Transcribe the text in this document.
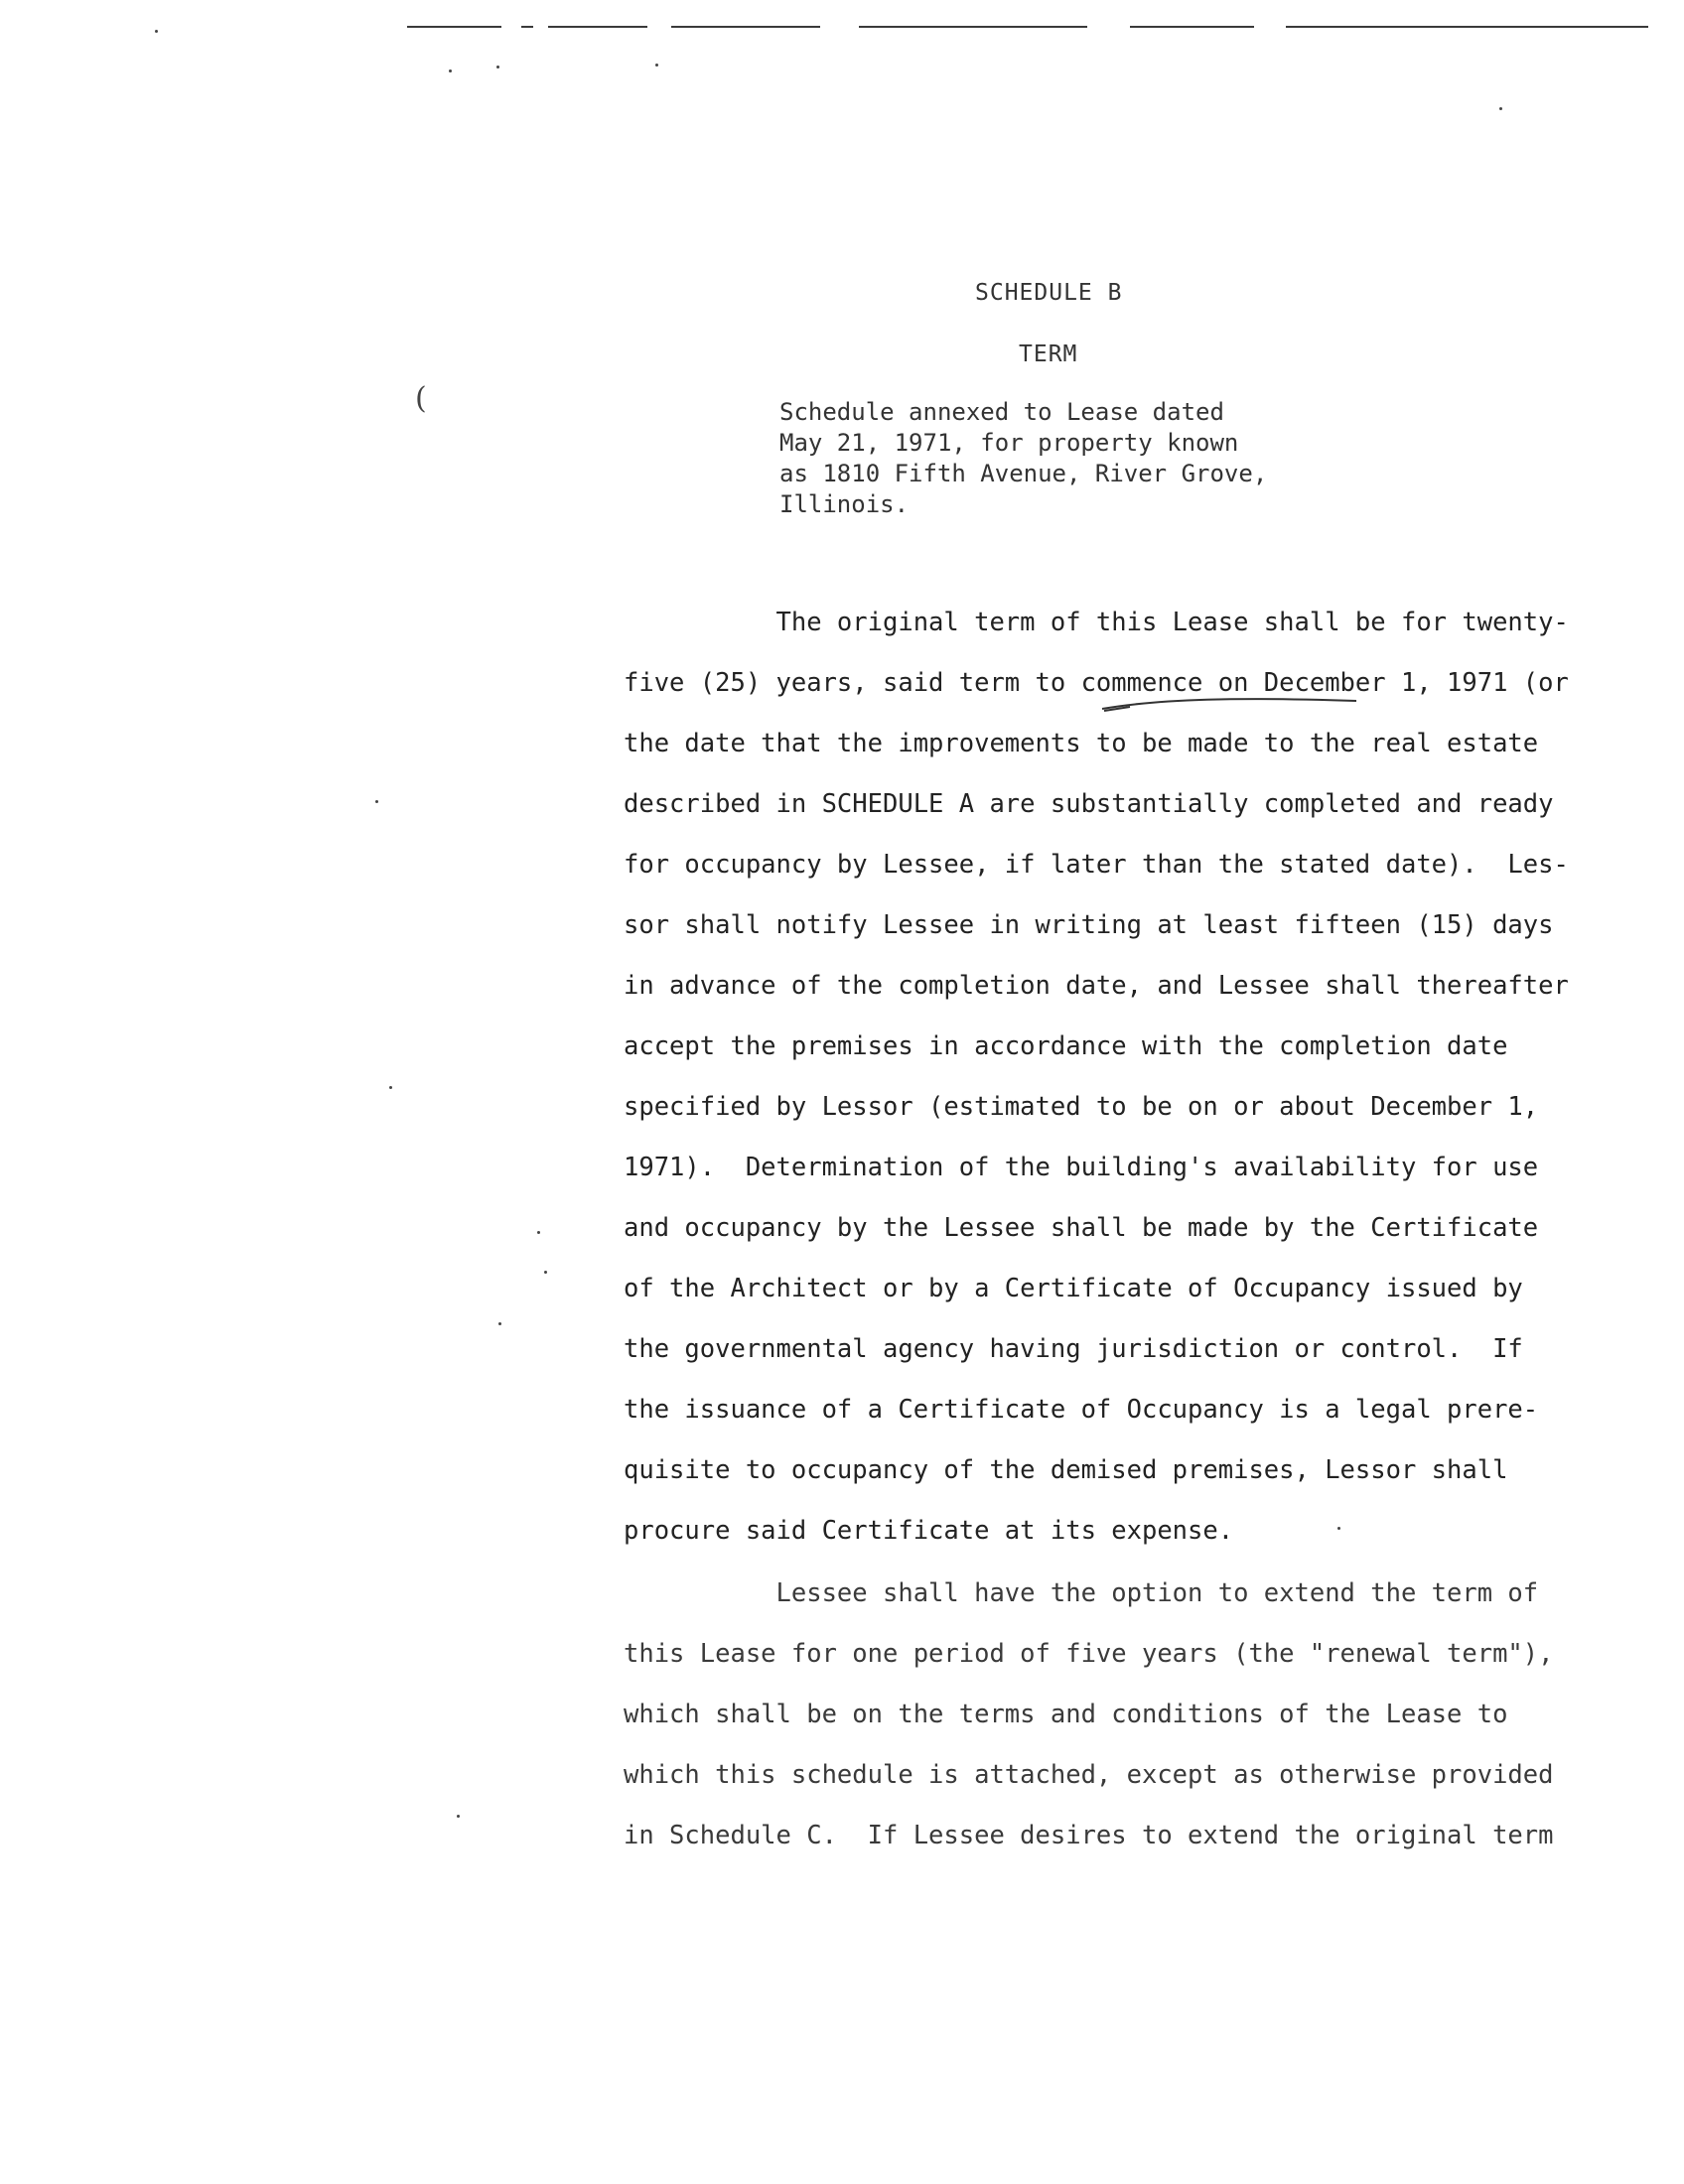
(
SCHEDULE B
TERM
Schedule annexed to Lease dated
May 21, 1971, for property known
as 1810 Fifth Avenue, River Grove,
Illinois.
The original term of this Lease shall be for twenty-
five (25) years, said term to commence on December 1, 1971 (or
the date that the improvements to be made to the real estate
described in SCHEDULE A are substantially completed and ready
for occupancy by Lessee, if later than the stated date).  Les-
sor shall notify Lessee in writing at least fifteen (15) days
in advance of the completion date, and Lessee shall thereafter
accept the premises in accordance with the completion date
specified by Lessor (estimated to be on or about December 1,
1971).  Determination of the building's availability for use
and occupancy by the Lessee shall be made by the Certificate
of the Architect or by a Certificate of Occupancy issued by
the governmental agency having jurisdiction or control.  If
the issuance of a Certificate of Occupancy is a legal prere-
quisite to occupancy of the demised premises, Lessor shall
procure said Certificate at its expense.
Lessee shall have the option to extend the term of
this Lease for one period of five years (the "renewal term"),
which shall be on the terms and conditions of the Lease to
which this schedule is attached, except as otherwise provided
in Schedule C.  If Lessee desires to extend the original term
